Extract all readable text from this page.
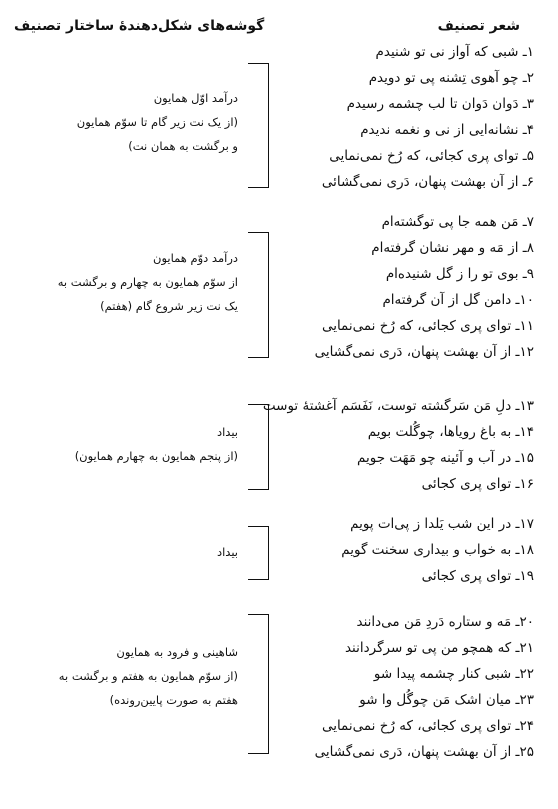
شعر تصنیف
گوشه‌های شکل‌دهندهٔ ساختار تصنیف
۱ـ شبی که آواز نی تو شنیدم
۲ـ چو آهوی تِشنه پی تو دویدم
۳ـ دَوان دَوان تا لب چشمه رسیدم
۴ـ نشانه‌ایی از نی و نغمه ندیدم
۵ـ تو‌ای پری کجائی، که رُخ نمی‌نمایی
۶ـ از آن بهشت پنهان، دَری نمی‌گشائی
درآمد اوّل همایون
(از یک نت زیر گام تا سوّم همایون
و برگشت به همان نت)
۷ـ مَن همه جا پی توگشته‌ام
۸ـ از مَه و مهر نشان گرفته‌ام
۹ـ بوی تو را ز گل شنیده‌ام
۱۰ـ دامن گل از آن گرفته‌ام
۱۱ـ تو‌ای پری کجائی، که رُخ نمی‌نمایی
۱۲ـ از آن بهشت پنهان، دَری نمی‌گشایی
درآمد دوّم همایون
از سوّم همایون به چهارم و برگشت به
یک نت زیر شروع گام (هفتم)
۱۳ـ دلِ مَن سَرگشته توست، نَفَسَم آغشتهٔ توست
۱۴ـ به باغ رویاها، چوگُلت بویم
۱۵ـ در آب و آئینه چو مَهَت جویم
۱۶ـ تو‌ای پری کجائی
بیداد
(از پنجم همایون به چهارم همایون)
۱۷ـ در این شب یَلدا ز پی‌ات پویم
۱۸ـ به خواب و بیداری سخنت گویم
۱۹ـ تو‌ای پری کجائی
بیداد
۲۰ـ مَه و ستاره دَردِ مَن می‌دانند
۲۱ـ که همچو من پی تو سرگردانند
۲۲ـ شبی کنار چشمه پیدا شو
۲۳ـ میان اشک مَن چوگُل وا شو
۲۴ـ تو‌ای پری کجائی، که رُخ نمی‌نمایی
۲۵ـ از آن بهشت پنهان، دَری نمی‌گشایی
شاهینی و فرود به همایون
(از سوّم همایون به هفتم و برگشت به
هفتم به صورت پایین‌رونده)
